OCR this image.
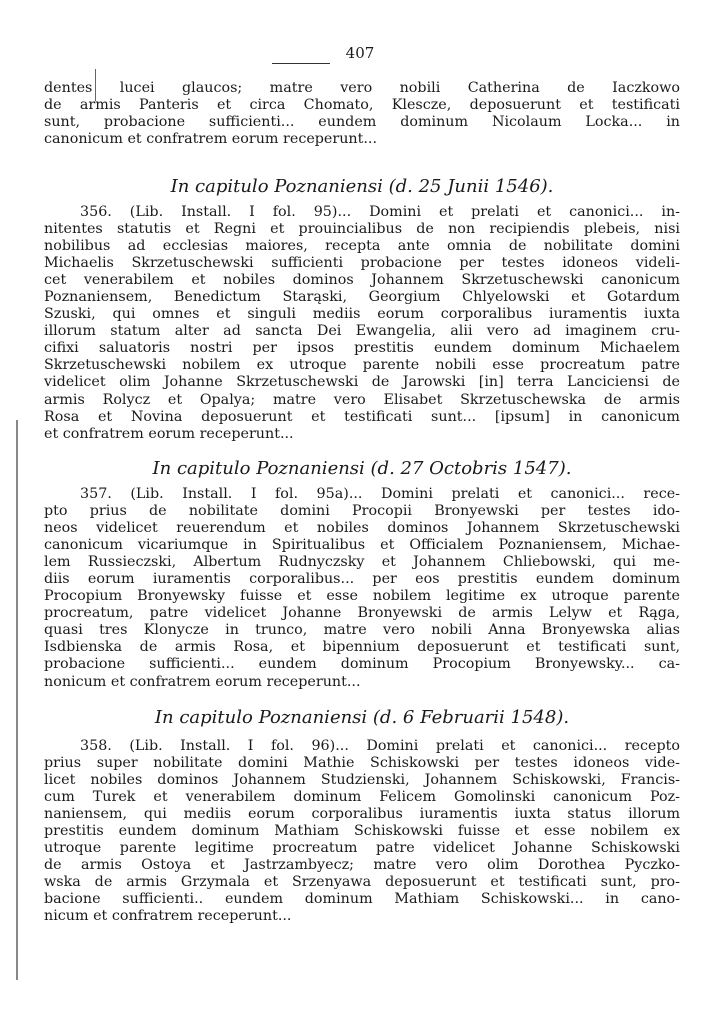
407
dentes lucei glaucos; matre vero nobili Catherina de Iaczkowo
de armis Panteris et circa Chomato, Klescze, deposuerunt et testificati
sunt, probacione sufficienti... eundem dominum Nicolaum Locka... in
canonicum et confratrem eorum receperunt...
In capitulo Poznaniensi (d. 25 Junii 1546).
356. (Lib. Install. I fol. 95)... Domini et prelati et canonici... in-
nitentes statutis et Regni et prouincialibus de non recipiendis plebeis, nisi
nobilibus ad ecclesias maiores, recepta ante omnia de nobilitate domini
Michaelis Skrzetuschewski sufficienti probacione per testes idoneos videli-
cet venerabilem et nobiles dominos Johannem Skrzetuschewski canonicum
Poznaniensem, Benedictum Starąski, Georgium Chlyelowski et Gotardum
Szuski, qui omnes et singuli mediis eorum corporalibus iuramentis iuxta
illorum statum alter ad sancta Dei Ewangelia, alii vero ad imaginem cru-
cifixi saluatoris nostri per ipsos prestitis eundem dominum Michaelem
Skrzetuschewski nobilem ex utroque parente nobili esse procreatum patre
videlicet olim Johanne Skrzetuschewski de Jarowski [in] terra Lanciciensi de
armis Rolycz et Opalya; matre vero Elisabet Skrzetuschewska de armis
Rosa et Novina deposuerunt et testificati sunt... [ipsum] in canonicum
et confratrem eorum receperunt...
In capitulo Poznaniensi (d. 27 Octobris 1547).
357. (Lib. Install. I fol. 95a)... Domini prelati et canonici... rece-
pto prius de nobilitate domini Procopii Bronyewski per testes ido-
neos videlicet reuerendum et nobiles dominos Johannem Skrzetuschewski
canonicum vicariumque in Spiritualibus et Officialem Poznaniensem, Michae-
lem Russieczski, Albertum Rudnyczsky et Johannem Chliebowski, qui me-
diis eorum iuramentis corporalibus... per eos prestitis eundem dominum
Procopium Bronyewsky fuisse et esse nobilem legitime ex utroque parente
procreatum, patre videlicet Johanne Bronyewski de armis Lelyw et Rąga,
quasi tres Klonycze in trunco, matre vero nobili Anna Bronyewska alias
Isdbienska de armis Rosa, et bipennium deposuerunt et testificati sunt,
probacione sufficienti... eundem dominum Procopium Bronyewsky... ca-
nonicum et confratrem eorum receperunt...
In capitulo Poznaniensi (d. 6 Februarii 1548).
358. (Lib. Install. I fol. 96)... Domini prelati et canonici... recepto
prius super nobilitate domini Mathie Schiskowski per testes idoneos vide-
licet nobiles dominos Johannem Studzienski, Johannem Schiskowski, Francis-
cum Turek et venerabilem dominum Felicem Gomolinski canonicum Poz-
naniensem, qui mediis eorum corporalibus iuramentis iuxta status illorum
prestitis eundem dominum Mathiam Schiskowski fuisse et esse nobilem ex
utroque parente legitime procreatum patre videlicet Johanne Schiskowski
de armis Ostoya et Jastrzambyecz; matre vero olim Dorothea Pyczko-
wska de armis Grzymala et Srzenyawa deposuerunt et testificati sunt, pro-
bacione sufficienti.. eundem dominum Mathiam Schiskowski... in cano-
nicum et confratrem receperunt...
